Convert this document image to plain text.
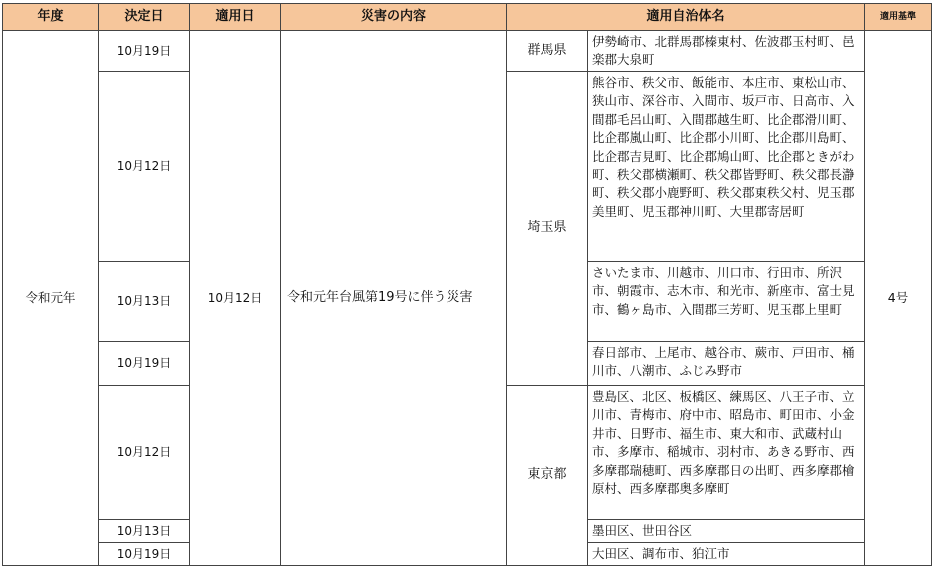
年度	決定日	適用日	災害の内容	適用自治体名		適用基準
令和元年	10月19日	10月12日	令和元年台風第19号に伴う災害	群馬県	伊勢崎市、北群馬郡榛東村、佐波郡玉村町、邑楽郡大泉町	4号
	10月12日			埼玉県	熊谷市、秩父市、飯能市、本庄市、東松山市、狭山市、深谷市、入間市、坂戸市、日高市、入間郡毛呂山町、入間郡越生町、比企郡滑川町、比企郡嵐山町、比企郡小川町、比企郡川島町、比企郡吉見町、比企郡鳩山町、比企郡ときがわ町、秩父郡横瀬町、秩父郡皆野町、秩父郡長瀞町、秩父郡小鹿野町、秩父郡東秩父村、児玉郡美里町、児玉郡神川町、大里郡寄居町	
	10月13日				さいたま市、川越市、川口市、行田市、所沢市、朝霞市、志木市、和光市、新座市、富士見市、鶴ヶ島市、入間郡三芳町、児玉郡上里町	
	10月19日				春日部市、上尾市、越谷市、蕨市、戸田市、桶川市、八潮市、ふじみ野市	
	10月12日			東京都	豊島区、北区、板橋区、練馬区、八王子市、立川市、青梅市、府中市、昭島市、町田市、小金井市、日野市、福生市、東大和市、武蔵村山市、多摩市、稲城市、羽村市、あきる野市、西多摩郡瑞穂町、西多摩郡日の出町、西多摩郡檜原村、西多摩郡奥多摩町	
	10月13日				墨田区、世田谷区	
	10月19日				大田区、調布市、狛江市	
